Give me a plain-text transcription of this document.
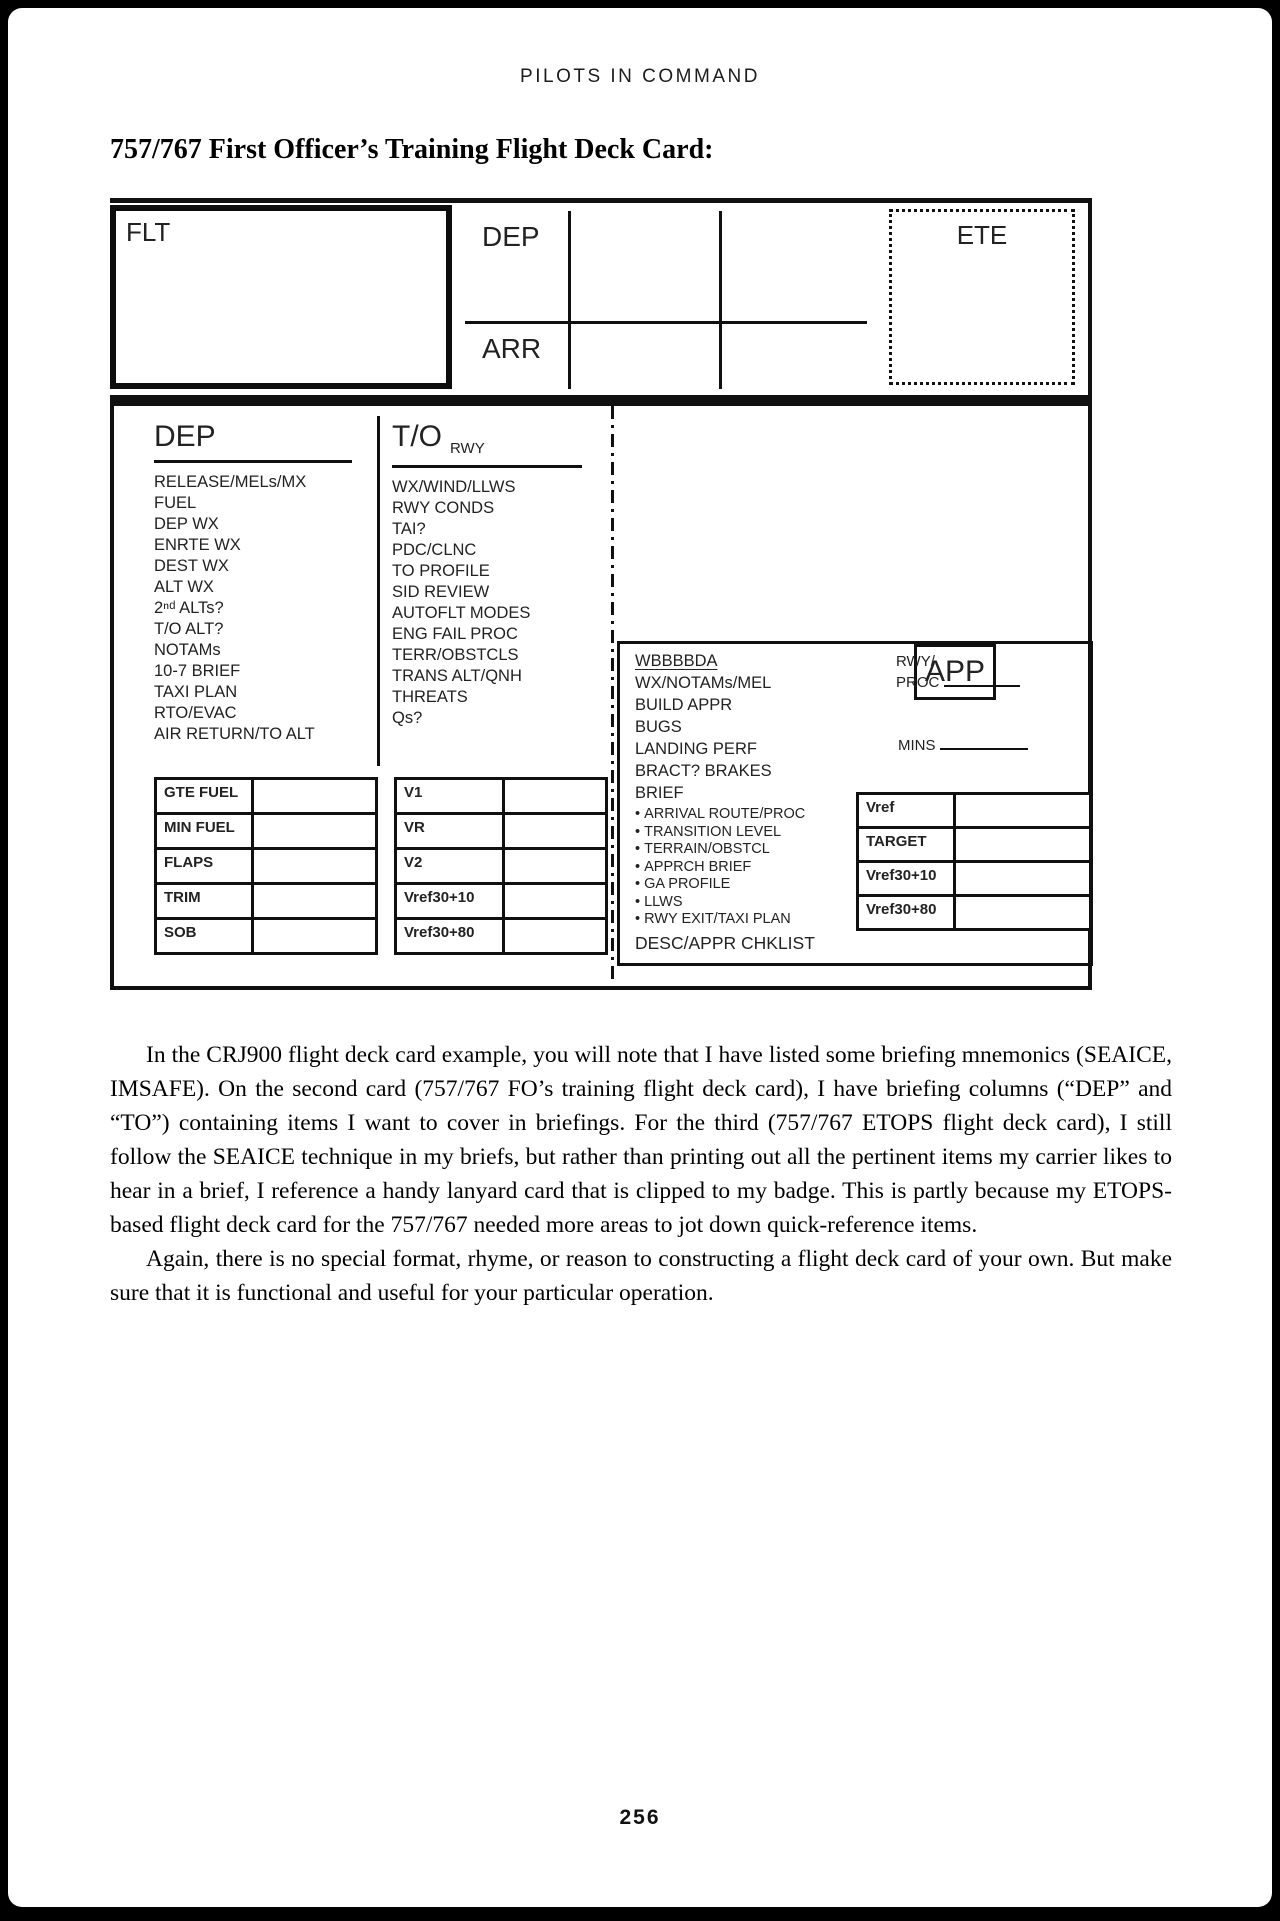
PILOTS IN COMMAND
757/767 First Officer’s Training Flight Deck Card:
FLT	DEP
ARR
ETE
DEP
RELEASE/MELs/MX
FUEL
DEP WX
ENRTE WX
DEST WX
ALT WX
2ⁿᵈ ALTs?
T/O ALT?
NOTAMs
10-7 BRIEF
TAXI PLAN
RTO/EVAC
AIR RETURN/TO ALT
T/O $_{RWY}$
WX/WIND/LLWS
RWY CONDS
TAI?
PDC/CLNC
TO PROFILE
SID REVIEW
AUTOFLT MODES
ENG FAIL PROC
TERR/OBSTCLS
TRANS ALT/QNH
THREATS
Qs?
GTE FUEL
MIN FUEL
FLAPS
TRIM
SOB
V1
VR
V2
Vref30+10
Vref30+80
WBBBBDA
WX/NOTAMs/MEL
BUILD APPR
BUGS
LANDING PERF
BRACT? BRAKES
BRIEF
• ARRIVAL ROUTE/PROC
• TRANSITION LEVEL
• TERRAIN/OBSTCL
• APPRCH BRIEF
• GA PROFILE
• LLWS
• RWY EXIT/TAXI PLAN
DESC/APPR CHKLIST
APP
RWY/
PROC
MINS
Vref
TARGET
Vref30+10
Vref30+80

In the CRJ900 flight deck card example, you will note that I have listed some briefing mnemonics (SEAICE, IMSAFE). On the second card (757/767 FO’s training flight deck card), I have briefing columns (“DEP” and “TO”) containing items I want to cover in briefings. For the third (757/767 ETOPS flight deck card), I still follow the SEAICE technique in my briefs, but rather than printing out all the pertinent items my carrier likes to hear in a brief, I reference a handy lanyard card that is clipped to my badge. This is partly because my ETOPS-based flight deck card for the 757/767 needed more areas to jot down quick-reference items.

Again, there is no special format, rhyme, or reason to constructing a flight deck card of your own. But make sure that it is functional and useful for your particular operation.

256
